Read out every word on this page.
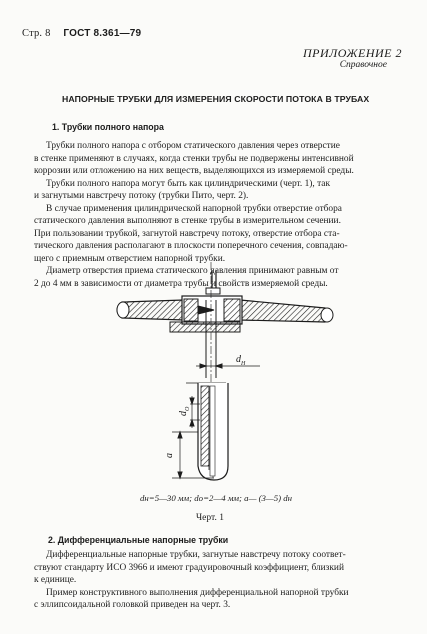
Стр. 8 ГОСТ 8.361—79
ПРИЛОЖЕНИЕ 2
Справочное
НАПОРНЫЕ ТРУБКИ ДЛЯ ИЗМЕРЕНИЯ СКОРОСТИ ПОТОКА В ТРУБАХ
1. Трубки полного напора
Трубки полного напора с отбором статического давления через отверстие
в стенке применяют в случаях, когда стенки трубы не подвержены интенсивной
коррозии или отложению на них веществ, выделяющихся из измеряемой среды.
Трубки полного напора могут быть как цилиндрическими (черт. 1), так
и загнутыми навстречу потоку (трубки Пито, черт. 2).
В случае применения цилиндрической напорной трубки отверстие отбора
статического давления выполняют в стенке трубы в измерительном сечении.
При пользовании трубкой, загнутой навстречу потоку, отверстие отбора ста-
тического давления располагают в плоскости поперечного сечения, совпадаю-
щего с приемным отверстием напорной трубки.
Диаметр отверстия приема статического давления принимают равным от
2 до 4 мм в зависимости от диаметра трубы и свойств измеряемой среды.
$d_Н$
$d_О$
a
dн=5—30 мм; dо=2—4 мм; a— (3—5) dн
Черт. 1
2. Дифференциальные напорные трубки
Дифференциальные напорные трубки, загнутые навстречу потоку соответ-
ствуют стандарту ИСО 3966 и имеют градуировочный коэффициент, близкий
к единице.
Пример конструктивного выполнения дифференциальной напорной трубки
с эллипсоидальной головкой приведен на черт. 3.
